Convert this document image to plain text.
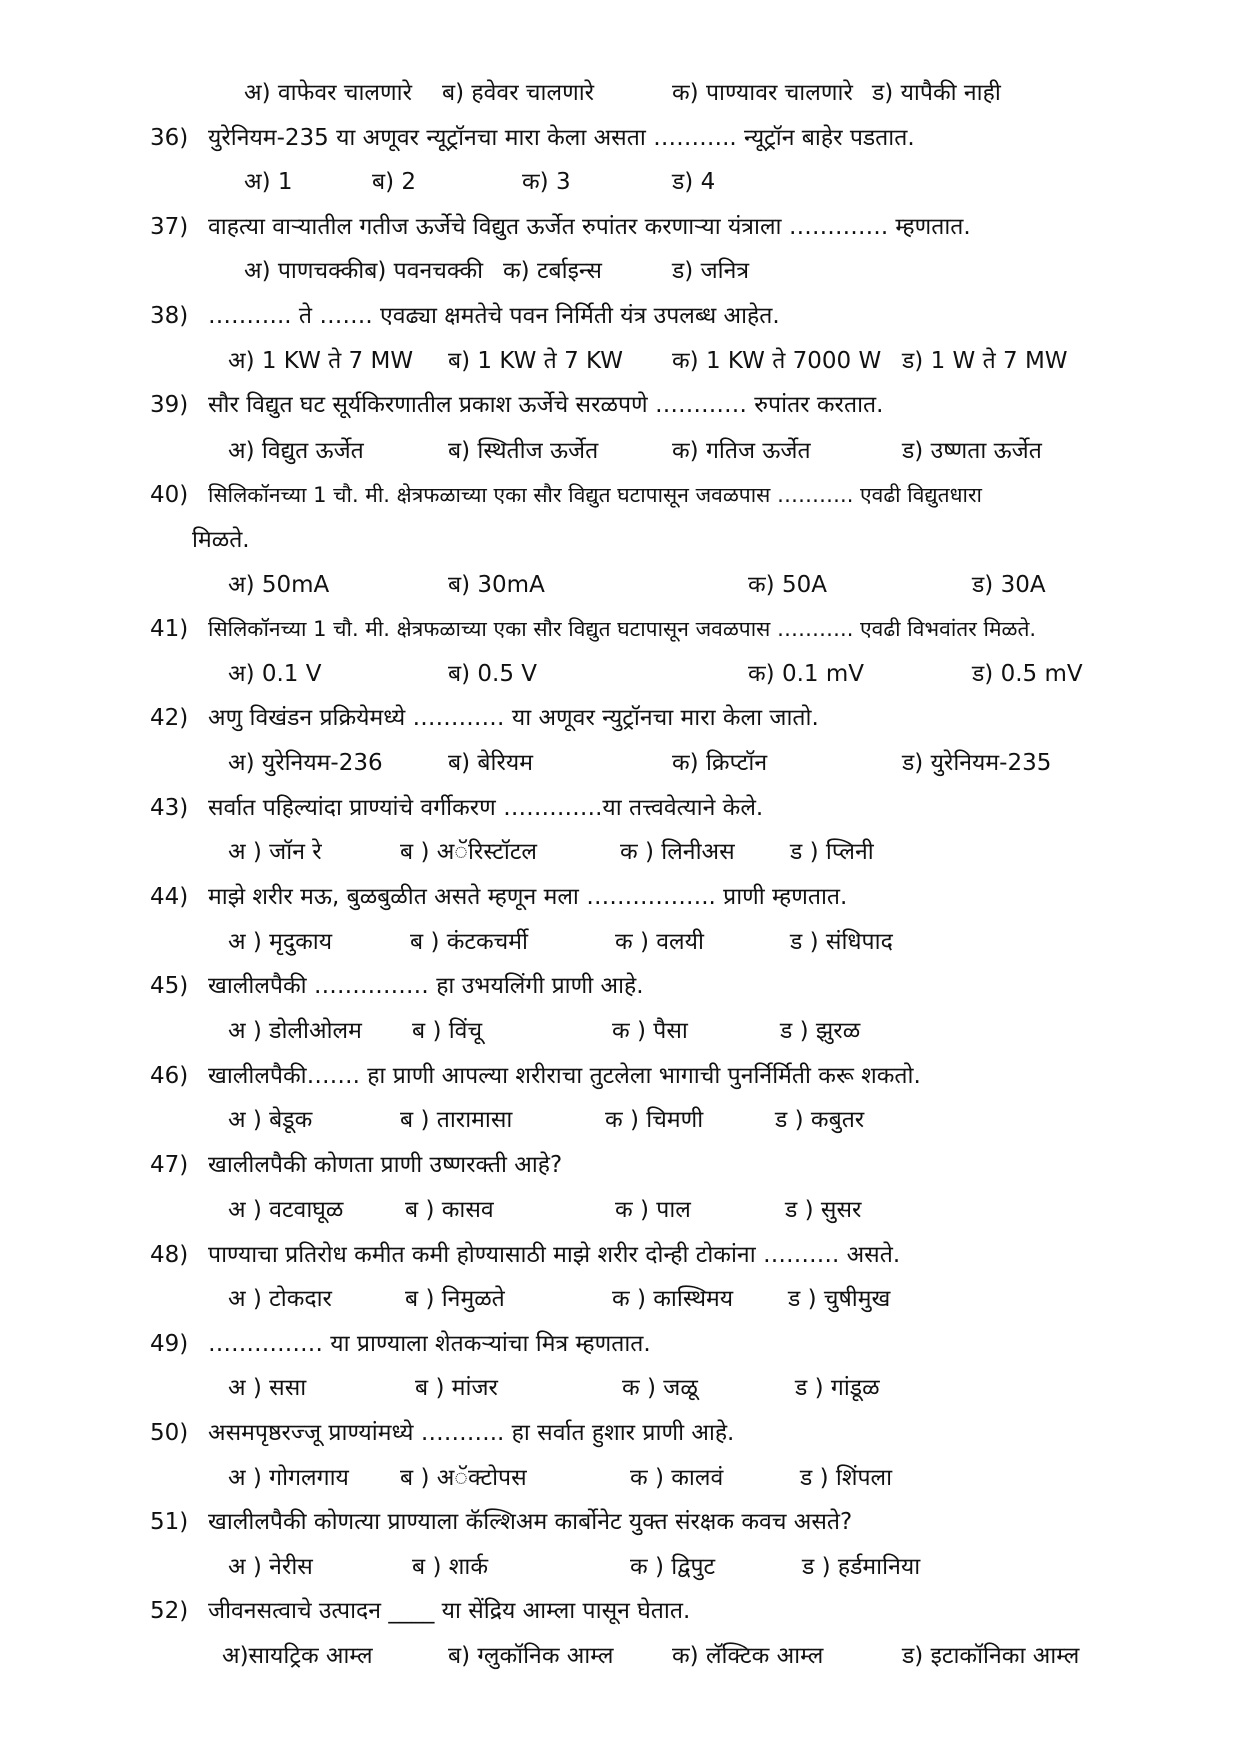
अ) वाफेवर चालणारे ब) हवेवर चालणारे	क) पाण्यावर चालणारे ड) यापैकी नाही
36) युरेनियम-235 या अणूवर न्यूट्रॉनचा मारा केला असता ……….. न्यूट्रॉन बाहेर पडतात.
अ) 1	ब) 2	क) 3	ड) 4
37) वाहत्या वाऱ्यातील गतीज ऊर्जेचे विद्युत ऊर्जेत रुपांतर करणाऱ्या यंत्राला …………. म्हणतात.
अ) पाणचक्कीब) पवनचक्की क) टर्बाइन्स	ड) जनित्र
38) ……….. ते ……. एवढ्या क्षमतेचे पवन निर्मिती यंत्र उपलब्ध आहेत.
अ) 1 KW ते 7 MW ब) 1 KW ते 7 KW क) 1 KW ते 7000 W ड) 1 W ते 7 MW
39) सौर विद्युत घट सूर्यकिरणातील प्रकाश ऊर्जेचे सरळपणे ………… रुपांतर करतात.
अ) विद्युत ऊर्जेत	ब) स्थितीज ऊर्जेत	क) गतिज ऊर्जेत	ड) उष्णता ऊर्जेत
40) सिलिकॉनच्या 1 चौ. मी. क्षेत्रफळाच्या एका सौर विद्युत घटापासून जवळपास ……….. एवढी विद्युतधारा
मिळते.
अ) 50mA	ब) 30mA	क) 50A	ड) 30A
41) सिलिकॉनच्या 1 चौ. मी. क्षेत्रफळाच्या एका सौर विद्युत घटापासून जवळपास ……….. एवढी विभवांतर मिळते.
अ) 0.1 V	ब) 0.5 V	क) 0.1 mV	ड) 0.5 mV
42) अणु विखंडन प्रक्रियेमध्ये ………… या अणूवर न्युट्रॉनचा मारा केला जातो.
अ) युरेनियम-236	ब) बेरियम	क) क्रिप्टॉन	ड) युरेनियम-235
43) सर्वात पहिल्यांदा प्राण्यांचे वर्गीकरण ………….या तत्त्ववेत्याने केले.
अ ) जॉन रे	ब ) अॅरिस्टॉटल	क ) लिनीअस ड ) प्लिनी
44) माझे शरीर मऊ, बुळबुळीत असते म्हणून मला …………….. प्राणी म्हणतात.
अ ) मृदुकाय	ब ) कंटकचर्मी	क ) वलयी	ड ) संधिपाद
45) खालीलपैकी …………… हा उभयलिंगी प्राणी आहे.
अ ) डोलीओलम ब ) विंचू	क ) पैसा	ड ) झुरळ
46) खालीलपैकी……. हा प्राणी आपल्या शरीराचा तुटलेला भागाची पुनर्निर्मिती करू शकतो.
अ ) बेडूक	ब ) तारामासा	क ) चिमणी	ड ) कबुतर
47) खालीलपैकी कोणता प्राणी उष्णरक्ती आहे?
अ ) वटवाघूळ	ब ) कासव	क ) पाल	ड ) सुसर
48) पाण्याचा प्रतिरोध कमीत कमी होण्यासाठी माझे शरीर दोन्ही टोकांना ………. असते.
अ ) टोकदार	ब ) निमुळते	क ) कास्थिमय ड ) चुषीमुख
49) …………… या प्राण्याला शेतकऱ्यांचा मित्र म्हणतात.
अ ) ससा	ब ) मांजर	क ) जळू	ड ) गांडूळ
50) असमपृष्ठरज्जू प्राण्यांमध्ये ……….. हा सर्वात हुशार प्राणी आहे.
अ ) गोगलगाय ब ) अॅक्टोपस	क ) कालवं	ड ) शिंपला
51) खालीलपैकी कोणत्या प्राण्याला कॅल्शिअम कार्बोनेट युक्त संरक्षक कवच असते?
अ ) नेरीस	ब ) शार्क	क ) द्विपुट	ड ) हर्डमानिया
52) जीवनसत्वाचे उत्पादन ____ या सेंद्रिय आम्ला पासून घेतात.
अ)सायट्रिक आम्ल	ब) ग्लुकॉनिक आम्ल	क) लॅक्टिक आम्ल	ड) इटाकॉनिका आम्ल
